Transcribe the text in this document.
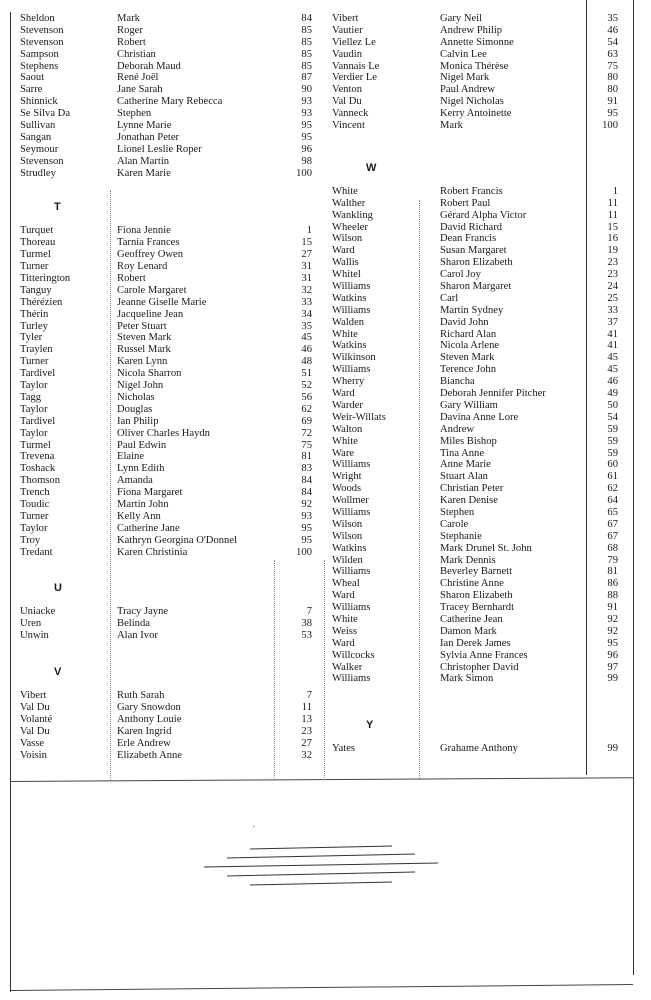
Sheldon	Mark	84
Stevenson	Roger	85
Stevenson	Robert	85
Sampson	Christian	85
Stephens	Deborah Maud	85
Saout	René Joël	87
Sarre	Jane Sarah	90
Shinnick	Catherine Mary Rebecca	93
Se Silva Da	Stephen	93
Sullivan	Lynne Marie	95
Sangan	Jonathan Peter	95
Seymour	Lionel Leslie Roper	96
Stevenson	Alan Martin	98
Strudley	Karen Marie	100
T
Turquet	Fiona Jennie	1
Thoreau	Tarnia Frances	15
Turmel	Geoffrey Owen	27
Turner	Roy Lenard	31
Titterington	Robert	31
Tanguy	Carole Margaret	32
Thérézien	Jeanne Giselle Marie	33
Thérin	Jacqueline Jean	34
Turley	Peter Stuart	35
Tyler	Steven Mark	45
Traylen	Russel Mark	46
Turner	Karen Lynn	48
Tardivel	Nicola Sharron	51
Taylor	Nigel John	52
Tagg	Nicholas	56
Taylor	Douglas	62
Tardivel	Ian Philip	69
Taylor	Oliver Charles Haydn	72
Turmel	Paul Edwin	75
Trevena	Elaine	81
Toshack	Lynn Edith	83
Thomson	Amanda	84
Trench	Fiona Margaret	84
Toudic	Martin John	92
Turner	Kelly Ann	93
Taylor	Catherine Jane	95
Troy	Kathryn Georgina O'Donnel	95
Tredant	Karen Christinia	100
U
Uniacke	Tracy Jayne	7
Uren	Belinda	38
Unwin	Alan Ivor	53
V
Vibert	Ruth Sarah	7
Val Du	Gary Snowdon	11
Volanté	Anthony Louie	13
Val Du	Karen Ingrid	23
Vasse	Erle Andrew	27
Voisin	Elizabeth Anne	32
Vibert	Gary Neil	35
Vautier	Andrew Philip	46
Viellez Le	Annette Simonne	54
Vaudin	Calvin Lee	63
Vannais Le	Monica Thérèse	75
Verdier Le	Nigel Mark	80
Venton	Paul Andrew	80
Val Du	Nigel Nicholas	91
Vanneck	Kerry Antoinette	95
Vincent	Mark	100
W
White	Robert Francis	1
Walther	Robert Paul	11
Wankling	Gérard Alpha Victor	11
Wheeler	David Richard	15
Wilson	Dean Francis	16
Ward	Susan Margaret	19
Wallis	Sharon Elizabeth	23
Whitel	Carol Joy	23
Williams	Sharon Margaret	24
Watkins	Carl	25
Williams	Martin Sydney	33
Walden	David John	37
White	Richard Alan	41
Watkins	Nicola Arlene	41
Wilkinson	Steven Mark	45
Williams	Terence John	45
Wherry	Biancha	46
Ward	Deborah Jennifer Pitcher	49
Warder	Gary William	50
Weir-Willats	Davina Anne Lore	54
Walton	Andrew	59
White	Miles Bishop	59
Ware	Tina Anne	59
Williams	Anne Marie	60
Wright	Stuart Alan	61
Woods	Christian Peter	62
Wollmer	Karen Denise	64
Williams	Stephen	65
Wilson	Carole	67
Wilson	Stephanie	67
Watkins	Mark Drunel St. John	68
Wilden	Mark Dennis	79
Williams	Beverley Barnett	81
Wheal	Christine Anne	86
Ward	Sharon Elizabeth	88
Williams	Tracey Bernhardt	91
White	Catherine Jean	92
Weiss	Damon Mark	92
Ward	Ian Derek James	95
Willcocks	Sylvia Anne Frances	96
Walker	Christopher David	97
Williams	Mark Simon	99
Y
Yates	Grahame Anthony	99
"
